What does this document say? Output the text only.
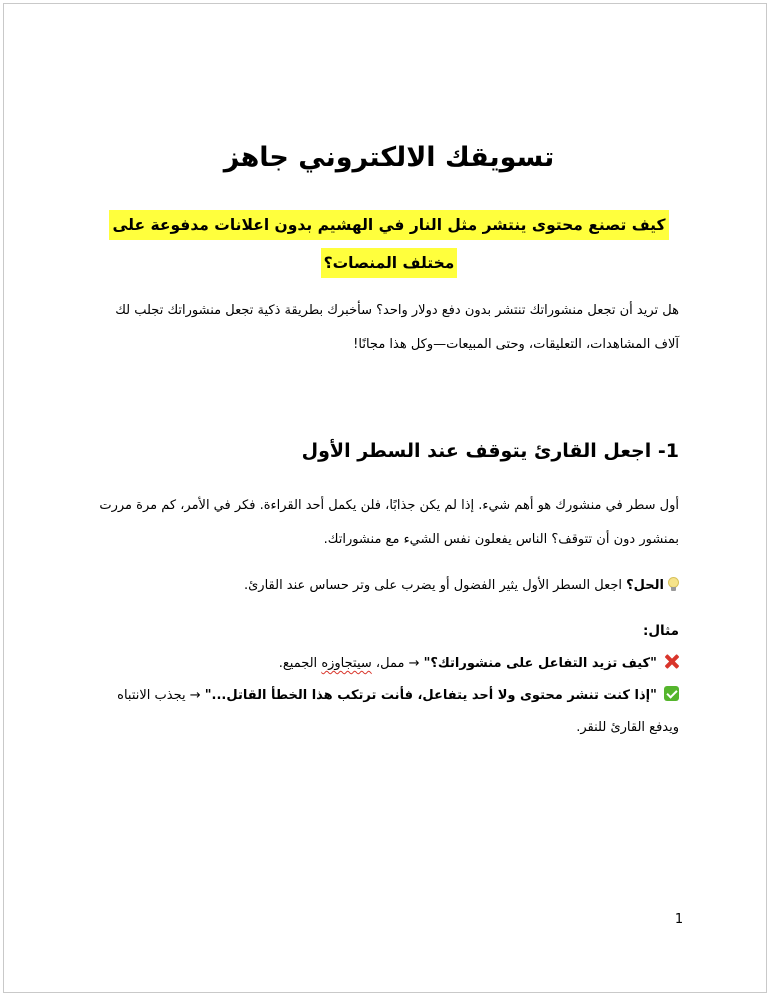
تسويقك الالكتروني جاهز
كيف تصنع محتوى ينتشر مثل النار في الهشيم بدون اعلانات مدفوعة على مختلف المنصات؟

هل تريد أن تجعل منشوراتك تنتشر بدون دفع دولار واحد؟ سأخبرك بطريقة ذكية تجعل منشوراتك تجلب لك آلاف المشاهدات، التعليقات، وحتى المبيعات—وكل هذا مجانًا!

1- اجعل القارئ يتوقف عند السطر الأول

أول سطر في منشورك هو أهم شيء. إذا لم يكن جذابًا، فلن يكمل أحد القراءة. فكر في الأمر، كم مرة مررت بمنشور دون أن تتوقف؟ الناس يفعلون نفس الشيء مع منشوراتك.

الحل؟ اجعل السطر الأول يثير الفضول أو يضرب على وتر حساس عند القارئ.

مثال:

"كيف تزيد التفاعل على منشوراتك؟" → ممل، سيتجاوزه الجميع.

"إذا كنت تنشر محتوى ولا أحد يتفاعل، فأنت ترتكب هذا الخطأ القاتل..." → يجذب الانتباه ويدفع القارئ للنقر.

1
